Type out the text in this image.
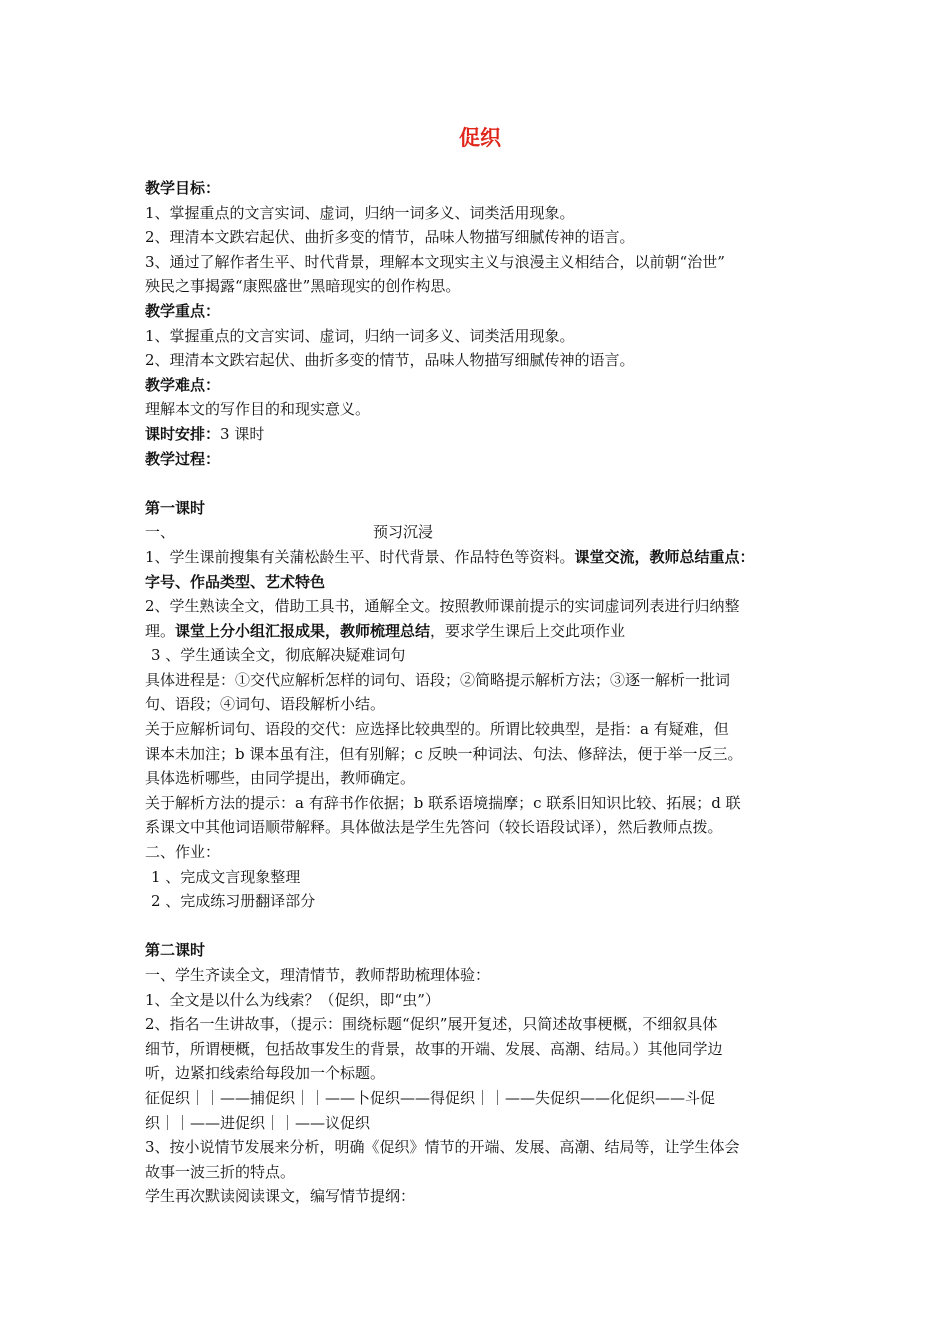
促织

教学目标：

1、掌握重点的文言实词、虚词，归纳一词多义、词类活用现象。

2、理清本文跌宕起伏、曲折多变的情节，品味人物描写细腻传神的语言。

3、通过了解作者生平、时代背景，理解本文现实主义与浪漫主义相结合，以前朝“治世”

殃民之事揭露“康熙盛世”黑暗现实的创作构思。

教学重点：

1、掌握重点的文言实词、虚词，归纳一词多义、词类活用现象。

2、理清本文跌宕起伏、曲折多变的情节，品味人物描写细腻传神的语言。

教学难点：

理解本文的写作目的和现实意义。

课时安排：3 课时

教学过程：

第一课时

一、	预习沉浸

1、学生课前搜集有关蒲松龄生平、时代背景、作品特色等资料。课堂交流，教师总结重点：

字号、作品类型、艺术特色

2、学生熟读全文，借助工具书，通解全文。按照教师课前提示的实词虚词列表进行归纳整

理。课堂上分小组汇报成果，教师梳理总结，要求学生课后上交此项作业

3 、学生通读全文，彻底解决疑难词句

具体进程是：①交代应解析怎样的词句、语段；②简略提示解析方法；③逐一解析一批词

句、语段；④词句、语段解析小结。

关于应解析词句、语段的交代：应选择比较典型的。所谓比较典型，是指：a 有疑难，但

课本未加注；b 课本虽有注，但有别解；c 反映一种词法、句法、修辞法，便于举一反三。

具体选析哪些，由同学提出，教师确定。

关于解析方法的提示：a 有辞书作依据；b 联系语境揣摩；c 联系旧知识比较、拓展；d 联

系课文中其他词语顺带解释。具体做法是学生先答问（较长语段试译），然后教师点拨。

二、作业：

1 、完成文言现象整理

2 、完成练习册翻译部分

第二课时

一、学生齐读全文，理清情节，教师帮助梳理体验：

1、全文是以什么为线索？（促织，即“虫”）

2、指名一生讲故事，（提示：围绕标题“促织”展开复述，只简述故事梗概，不细叙具体

细节，所谓梗概，包括故事发生的背景，故事的开端、发展、高潮、结局。）其他同学边

听，边紧扣线索给每段加一个标题。

征促织｜｜——捕促织｜｜——卜促织——得促织｜｜——失促织——化促织——斗促

织｜｜——进促织｜｜——议促织

3、按小说情节发展来分析，明确《促织》情节的开端、发展、高潮、结局等，让学生体会

故事一波三折的特点。

学生再次默读阅读课文，编写情节提纲：
